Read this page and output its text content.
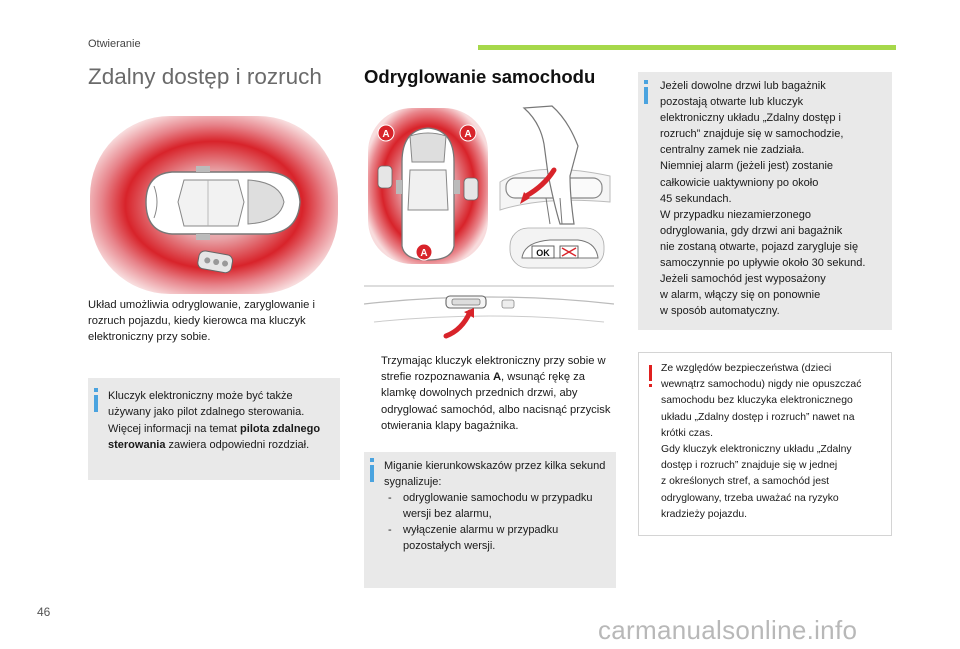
Otwieranie
Zdalny dostęp i rozruch
Układ umożliwia odryglowanie, zaryglowanie i rozruch pojazdu, kiedy kierowca ma kluczyk elektroniczny przy sobie.
Kluczyk elektroniczny może być także używany jako pilot zdalnego sterowania. Więcej informacji na temat pilota zdalnego sterowania zawiera odpowiedni rozdział.
Odryglowanie samochodu
A	A
A	OK
Trzymając kluczyk elektroniczny przy sobie w strefie rozpoznawania A, wsunąć rękę za klamkę dowolnych przednich drzwi, aby odryglować samochód, albo nacisnąć przycisk otwierania klapy bagażnika.

Miganie kierunkowskazów przez kilka sekund sygnalizuje:

- odryglowanie samochodu w przypadku wersji bez alarmu,
- wyłączenie alarmu w przypadku pozostałych wersji.
Jeżeli dowolne drzwi lub bagażnik
pozostają otwarte lub kluczyk
elektroniczny układu „Zdalny dostęp i
rozruch” znajduje się w samochodzie,
centralny zamek nie zadziała.
Niemniej alarm (jeżeli jest) zostanie
całkowicie uaktywniony po około
45 sekundach.
W przypadku niezamierzonego
odryglowania, gdy drzwi ani bagażnik
nie zostaną otwarte, pojazd zarygluje się
samoczynnie po upływie około 30 sekund.
Jeżeli samochód jest wyposażony
w alarm, włączy się on ponownie
w sposób automatyczny.
Ze względów bezpieczeństwa (dzieci
wewnątrz samochodu) nigdy nie opuszczać
samochodu bez kluczyka elektronicznego
układu „Zdalny dostęp i rozruch” nawet na
krótki czas.
Gdy kluczyk elektroniczny układu „Zdalny
dostęp i rozruch” znajduje się w jednej
z określonych stref, a samochód jest
odryglowany, trzeba uważać na ryzyko
kradzieży pojazdu.
46
carmanualsonline.info
